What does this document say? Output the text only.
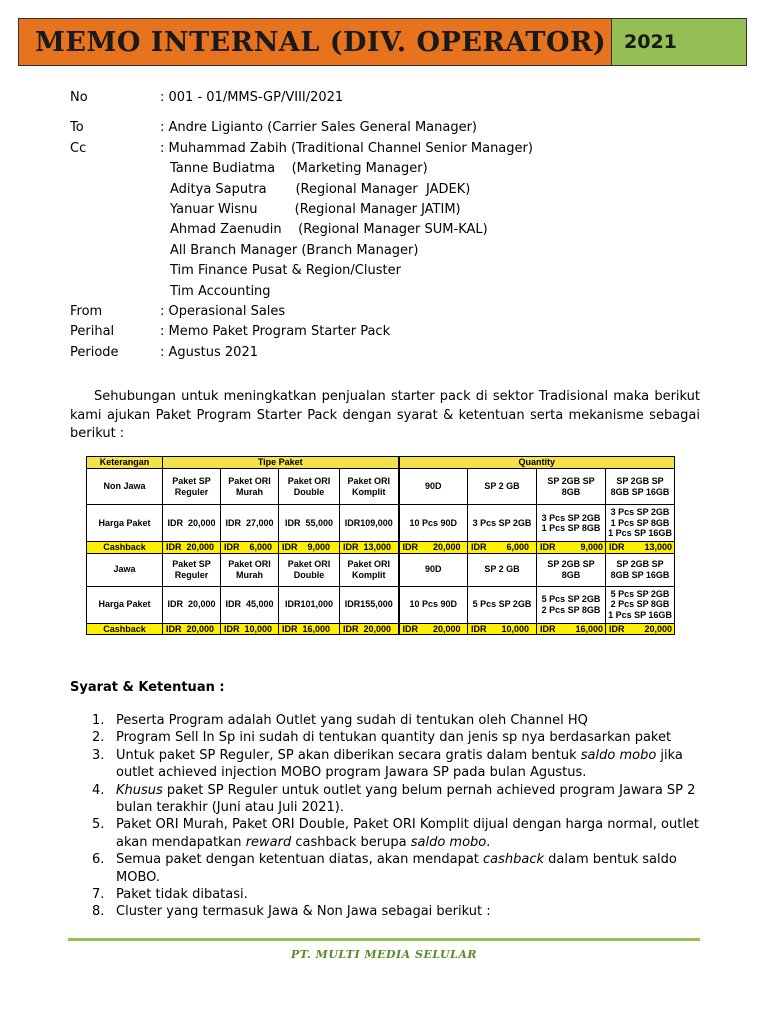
MEMO INTERNAL (DIV. OPERATOR) 2021
No	: 001 - 01/MMS-GP/VIII/2021
To	: Andre Ligianto (Carrier Sales General Manager)
Cc	: Muhammad Zabih (Traditional Channel Senior Manager)
Tanne Budiatma    (Marketing Manager)
Aditya Saputra       (Regional Manager  JADEK)
Yanuar Wisnu         (Regional Manager JATIM)
Ahmad Zaenudin    (Regional Manager SUM-KAL)
All Branch Manager (Branch Manager)
Tim Finance Pusat & Region/Cluster
Tim Accounting
From	: Operasional Sales
Perihal	: Memo Paket Program Starter Pack
Periode	: Agustus 2021

Sehubungan untuk meningkatkan penjualan starter pack di sektor Tradisional maka berikut kami ajukan Paket Program Starter Pack dengan syarat & ketentuan serta mekanisme sebagai berikut :

Keterangan	Tipe Paket				Quantity			
Non Jawa	Paket SP Reguler	Paket ORI Murah	Paket ORI Double	Paket ORI Komplit	90D	SP 2 GB	SP 2GB SP 8GB	SP 2GB SP 8GB SP 16GB
Harga Paket	IDR  20,000	IDR  27,000	IDR  55,000	IDR109,000	10 Pcs 90D	3 Pcs SP 2GB	3 Pcs SP 2GB 1 Pcs SP 8GB	3 Pcs SP 2GB 1 Pcs SP 8GB 1 Pcs SP 16GB
Cashback	IDR  20,000	IDR    6,000	IDR    9,000	IDR  13,000	IDR      20,000	IDR        6,000	IDR          9,000	IDR        13,000
Jawa	Paket SP Reguler	Paket ORI Murah	Paket ORI Double	Paket ORI Komplit	90D	SP 2 GB	SP 2GB SP 8GB	SP 2GB SP 8GB SP 16GB
Harga Paket	IDR  20,000	IDR  45,000	IDR101,000	IDR155,000	10 Pcs 90D	5 Pcs SP 2GB	5 Pcs SP 2GB 2 Pcs SP 8GB	5 Pcs SP 2GB 2 Pcs SP 8GB 1 Pcs SP 16GB
Cashback	IDR  20,000	IDR  10,000	IDR  16,000	IDR  20,000	IDR      20,000	IDR      10,000	IDR        16,000	IDR        20,000
Syarat & Ketentuan :
1. Peserta Program adalah Outlet yang sudah di tentukan oleh Channel HQ
2. Program Sell In Sp ini sudah di tentukan quantity dan jenis sp nya berdasarkan paket
3. Untuk paket SP Reguler, SP akan diberikan secara gratis dalam bentuk saldo mobo jika outlet achieved injection MOBO program Jawara SP pada bulan Agustus.
4. Khusus paket SP Reguler untuk outlet yang belum pernah achieved program Jawara SP 2 bulan terakhir (Juni atau Juli 2021).
5. Paket ORI Murah, Paket ORI Double, Paket ORI Komplit dijual dengan harga normal, outlet akan mendapatkan reward cashback berupa saldo mobo.
6. Semua paket dengan ketentuan diatas, akan mendapat cashback dalam bentuk saldo MOBO.
7. Paket tidak dibatasi.
8. Cluster yang termasuk Jawa & Non Jawa sebagai berikut :
PT. MULTI MEDIA SELULAR
